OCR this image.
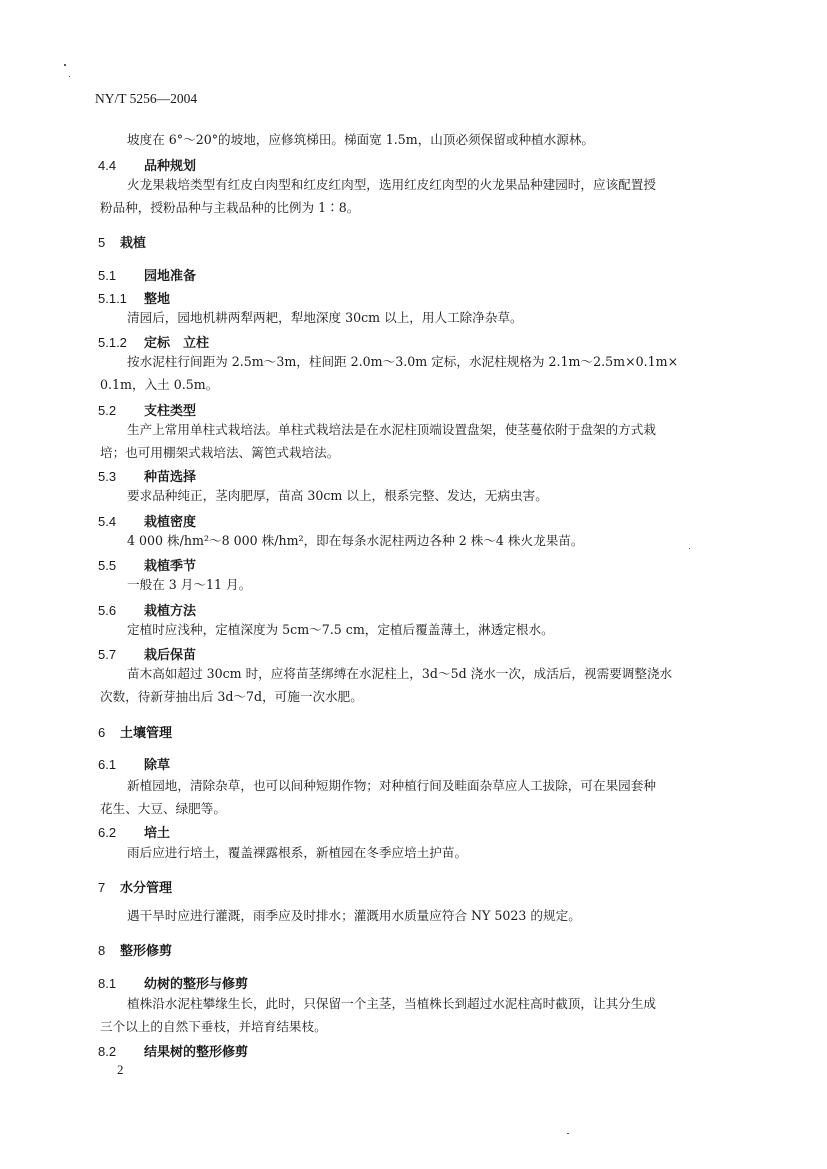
NY/T 5256—2004
坡度在 6°～20°的坡地，应修筑梯田。梯面宽 1.5m，山顶必须保留或种植水源林。
4.4 品种规划
火龙果栽培类型有红皮白肉型和红皮红肉型，选用红皮红肉型的火龙果品种建园时，应该配置授
粉品种，授粉品种与主栽品种的比例为 1∶8。
5 栽植
5.1 园地准备
5.1.1 整地
清园后，园地机耕两犁两耙，犁地深度 30cm 以上，用人工除净杂草。
5.1.2 定标　立柱
按水泥柱行间距为 2.5m～3m，柱间距 2.0m～3.0m 定标，水泥柱规格为 2.1m～2.5m×0.1m×
0.1m，入土 0.5m。
5.2 支柱类型
生产上常用单柱式栽培法。单柱式栽培法是在水泥柱顶端设置盘架，使茎蔓依附于盘架的方式栽
培；也可用棚架式栽培法、篱笆式栽培法。
5.3 种苗选择
要求品种纯正，茎肉肥厚，苗高 30cm 以上，根系完整、发达，无病虫害。
5.4 栽植密度
4 000 株/hm²～8 000 株/hm²，即在每条水泥柱两边各种 2 株～4 株火龙果苗。
5.5 栽植季节
一般在 3 月～11 月。
5.6 栽植方法
定植时应浅种，定植深度为 5cm～7.5 cm，定植后覆盖薄土，淋透定根水。
5.7 栽后保苗
苗木高如超过 30cm 时，应将苗茎绑缚在水泥柱上，3d～5d 浇水一次，成活后，视需要调整浇水
次数，待新芽抽出后 3d～7d，可施一次水肥。
6 土壤管理
6.1 除草
新植园地，清除杂草，也可以间种短期作物；对种植行间及畦面杂草应人工拔除，可在果园套种
花生、大豆、绿肥等。
6.2 培土
雨后应进行培土，覆盖裸露根系，新植园在冬季应培土护苗。
7 水分管理
遇干旱时应进行灌溉，雨季应及时排水；灌溉用水质量应符合 NY 5023 的规定。
8 整形修剪
8.1 幼树的整形与修剪
植株沿水泥柱攀缘生长，此时，只保留一个主茎，当植株长到超过水泥柱高时截顶，让其分生成
三个以上的自然下垂枝，并培育结果枝。
8.2 结果树的整形修剪
2
